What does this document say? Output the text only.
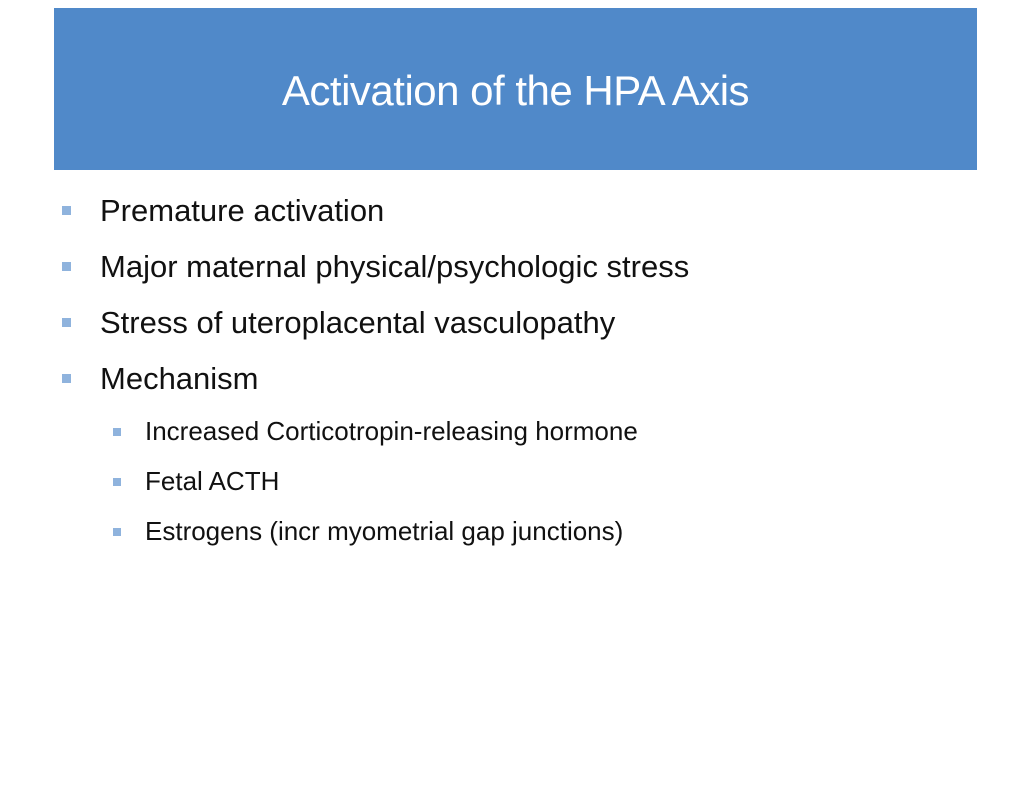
Activation of the HPA Axis
Premature activation
Major maternal physical/psychologic stress
Stress of uteroplacental vasculopathy
Mechanism
Increased Corticotropin-releasing hormone
Fetal ACTH
Estrogens (incr myometrial gap junctions)
